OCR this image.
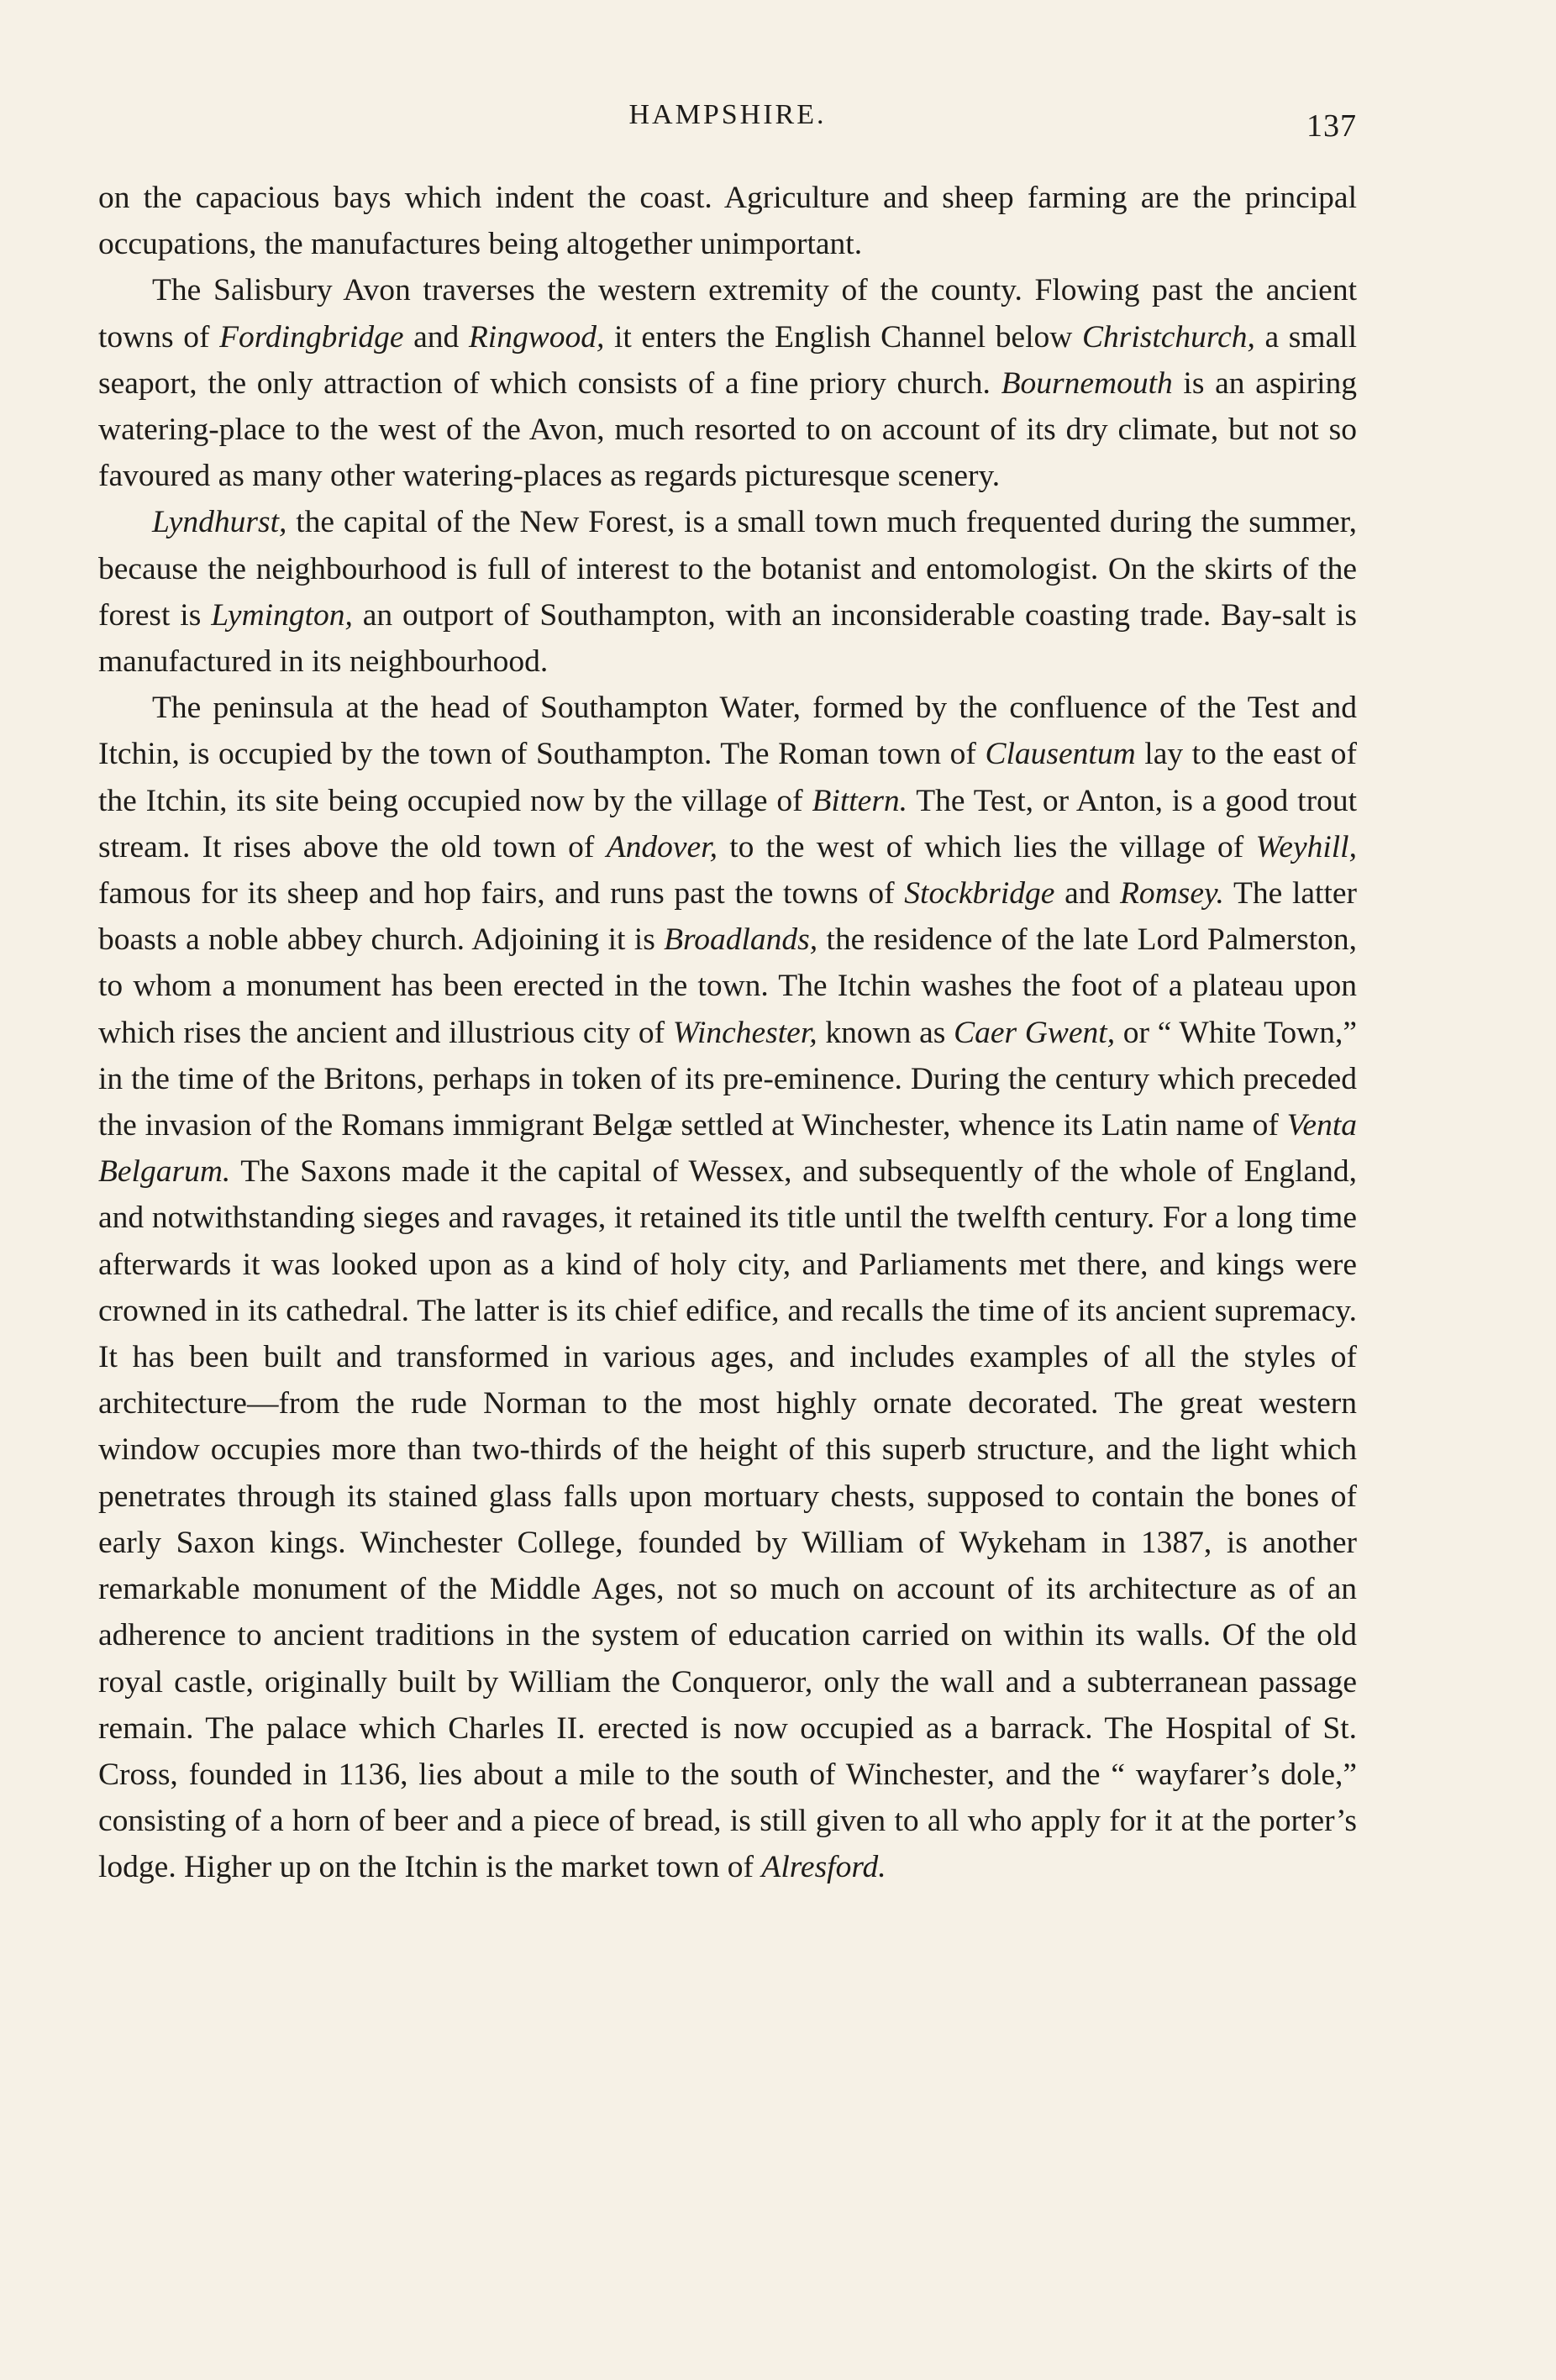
HAMPSHIRE.	137

on the capacious bays which indent the coast. Agriculture and sheep farming are the principal occupations, the manufactures being altogether unimportant.

The Salisbury Avon traverses the western extremity of the county. Flowing past the ancient towns of Fordingbridge and Ringwood, it enters the English Channel below Christchurch, a small seaport, the only attraction of which consists of a fine priory church. Bournemouth is an aspiring watering-place to the west of the Avon, much resorted to on account of its dry climate, but not so favoured as many other watering-places as regards picturesque scenery.

Lyndhurst, the capital of the New Forest, is a small town much frequented during the summer, because the neighbourhood is full of interest to the botanist and entomologist. On the skirts of the forest is Lymington, an outport of Southampton, with an inconsiderable coasting trade. Bay-salt is manufactured in its neighbourhood.

The peninsula at the head of Southampton Water, formed by the confluence of the Test and Itchin, is occupied by the town of Southampton. The Roman town of Clausentum lay to the east of the Itchin, its site being occupied now by the village of Bittern. The Test, or Anton, is a good trout stream. It rises above the old town of Andover, to the west of which lies the village of Weyhill, famous for its sheep and hop fairs, and runs past the towns of Stockbridge and Romsey. The latter boasts a noble abbey church. Adjoining it is Broadlands, the residence of the late Lord Palmerston, to whom a monument has been erected in the town. The Itchin washes the foot of a plateau upon which rises the ancient and illustrious city of Winchester, known as Caer Gwent, or “ White Town,” in the time of the Britons, perhaps in token of its pre-eminence. During the century which preceded the invasion of the Romans immigrant Belgæ settled at Winchester, whence its Latin name of Venta Belgarum. The Saxons made it the capital of Wessex, and subsequently of the whole of England, and notwithstanding sieges and ravages, it retained its title until the twelfth century. For a long time afterwards it was looked upon as a kind of holy city, and Parliaments met there, and kings were crowned in its cathedral. The latter is its chief edifice, and recalls the time of its ancient supremacy. It has been built and transformed in various ages, and includes examples of all the styles of architecture—from the rude Norman to the most highly ornate decorated. The great western window occupies more than two-thirds of the height of this superb structure, and the light which penetrates through its stained glass falls upon mortuary chests, supposed to contain the bones of early Saxon kings. Winchester College, founded by William of Wykeham in 1387, is another remarkable monument of the Middle Ages, not so much on account of its architecture as of an adherence to ancient traditions in the system of education carried on within its walls. Of the old royal castle, originally built by William the Conqueror, only the wall and a subterranean passage remain. The palace which Charles II. erected is now occupied as a barrack. The Hospital of St. Cross, founded in 1136, lies about a mile to the south of Winchester, and the “ wayfarer’s dole,” consisting of a horn of beer and a piece of bread, is still given to all who apply for it at the porter’s lodge. Higher up on the Itchin is the market town of Alresford.
